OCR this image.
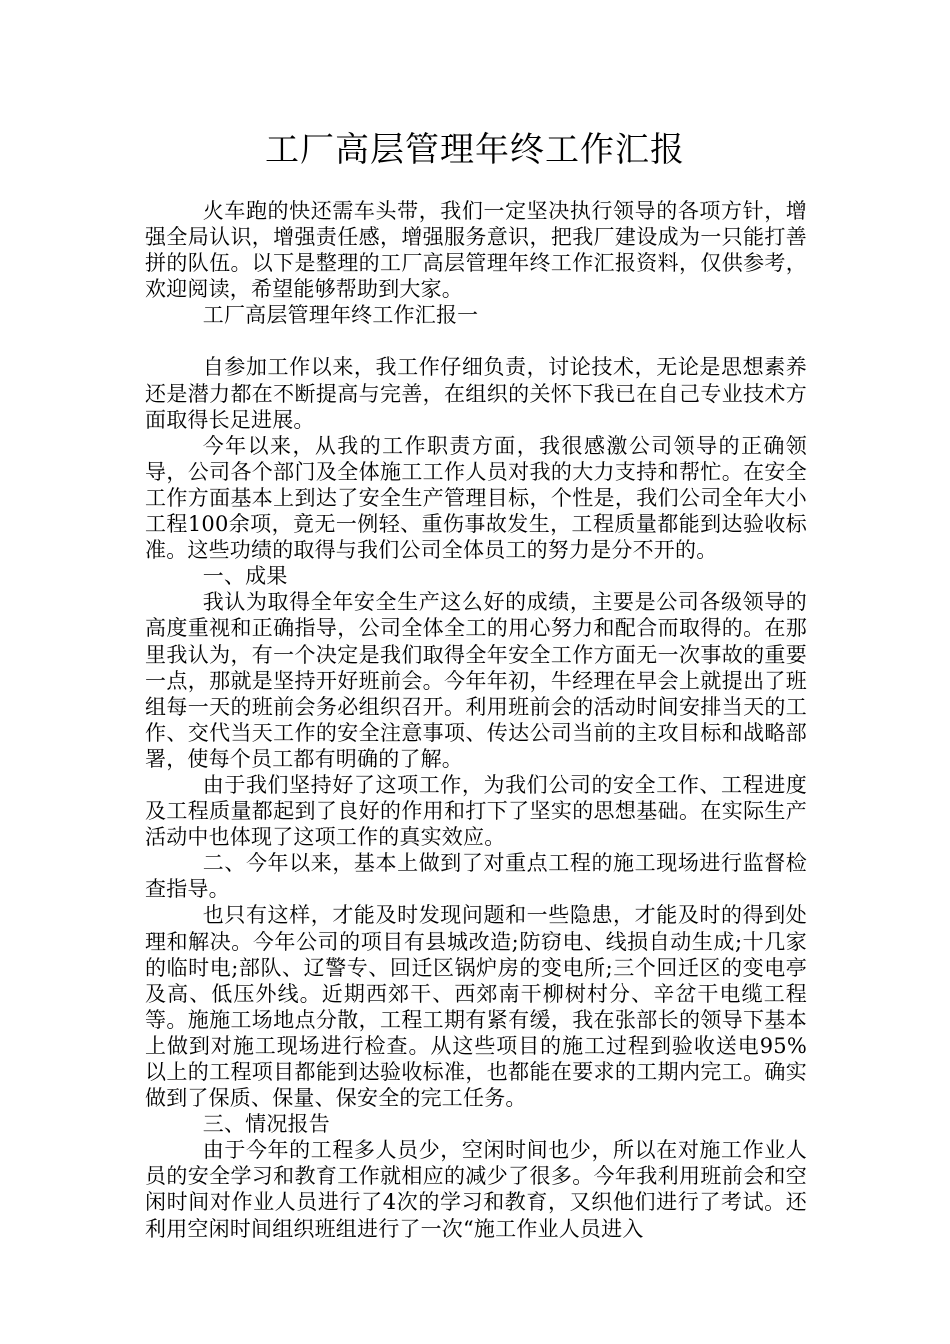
工厂高层管理年终工作汇报

火车跑的快还需车头带，我们一定坚决执行领导的各项方针，增强全局认识，增强责任感，增强服务意识，把我厂建设成为一只能打善拼的队伍。以下是整理的工厂高层管理年终工作汇报资料，仅供参考，欢迎阅读，希望能够帮助到大家。

工厂高层管理年终工作汇报一

自参加工作以来，我工作仔细负责，讨论技术，无论是思想素养还是潜力都在不断提高与完善，在组织的关怀下我已在自己专业技术方面取得长足进展。

今年以来，从我的工作职责方面，我很感激公司领导的正确领导，公司各个部门及全体施工工作人员对我的大力支持和帮忙。在安全工作方面基本上到达了安全生产管理目标，个性是，我们公司全年大小工程100余项，竟无一例轻、重伤事故发生，工程质量都能到达验收标准。这些功绩的取得与我们公司全体员工的努力是分不开的。

一、成果

我认为取得全年安全生产这么好的成绩，主要是公司各级领导的高度重视和正确指导，公司全体全工的用心努力和配合而取得的。在那里我认为，有一个决定是我们取得全年安全工作方面无一次事故的重要一点，那就是坚持开好班前会。今年年初，牛经理在早会上就提出了班组每一天的班前会务必组织召开。利用班前会的活动时间安排当天的工作、交代当天工作的安全注意事项、传达公司当前的主攻目标和战略部署，使每个员工都有明确的了解。

由于我们坚持好了这项工作，为我们公司的安全工作、工程进度及工程质量都起到了良好的作用和打下了坚实的思想基础。在实际生产活动中也体现了这项工作的真实效应。

二、今年以来，基本上做到了对重点工程的施工现场进行监督检查指导。

也只有这样，才能及时发现问题和一些隐患，才能及时的得到处理和解决。今年公司的项目有县城改造;防窃电、线损自动生成;十几家的临时电;部队、辽警专、回迁区锅炉房的变电所;三个回迁区的变电亭及高、低压外线。近期西郊干、西郊南干柳树村分、辛岔干电缆工程等。施施工场地点分散，工程工期有紧有缓，我在张部长的领导下基本上做到对施工现场进行检查。从这些项目的施工过程到验收送电95%以上的工程项目都能到达验收标准，也都能在要求的工期内完工。确实做到了保质、保量、保安全的完工任务。

三、情况报告

由于今年的工程多人员少，空闲时间也少，所以在对施工作业人员的安全学习和教育工作就相应的减少了很多。今年我利用班前会和空闲时间对作业人员进行了4次的学习和教育，又织他们进行了考试。还利用空闲时间组织班组进行了一次“施工作业人员进入
